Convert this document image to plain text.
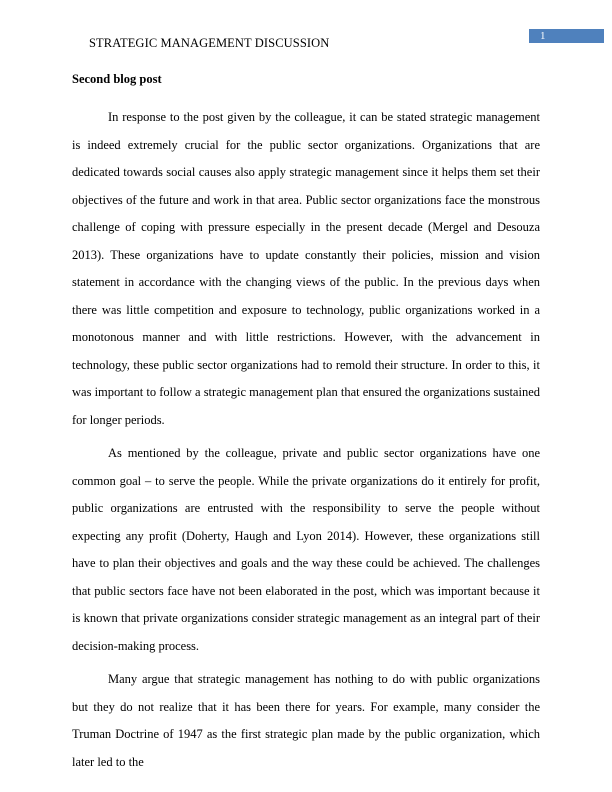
STRATEGIC MANAGEMENT DISCUSSION	1
Second blog post

In response to the post given by the colleague, it can be stated strategic management is indeed extremely crucial for the public sector organizations. Organizations that are dedicated towards social causes also apply strategic management since it helps them set their objectives of the future and work in that area. Public sector organizations face the monstrous challenge of coping with pressure especially in the present decade (Mergel and Desouza 2013). These organizations have to update constantly their policies, mission and vision statement in accordance with the changing views of the public. In the previous days when there was little competition and exposure to technology, public organizations worked in a monotonous manner and with little restrictions. However, with the advancement in technology, these public sector organizations had to remold their structure. In order to this, it was important to follow a strategic management plan that ensured the organizations sustained for longer periods.

As mentioned by the colleague, private and public sector organizations have one common goal – to serve the people. While the private organizations do it entirely for profit, public organizations are entrusted with the responsibility to serve the people without expecting any profit (Doherty, Haugh and Lyon 2014). However, these organizations still have to plan their objectives and goals and the way these could be achieved. The challenges that public sectors face have not been elaborated in the post, which was important because it is known that private organizations consider strategic management as an integral part of their decision-making process.

Many argue that strategic management has nothing to do with public organizations but they do not realize that it has been there for years. For example, many consider the Truman Doctrine of 1947 as the first strategic plan made by the public organization, which later led to the
